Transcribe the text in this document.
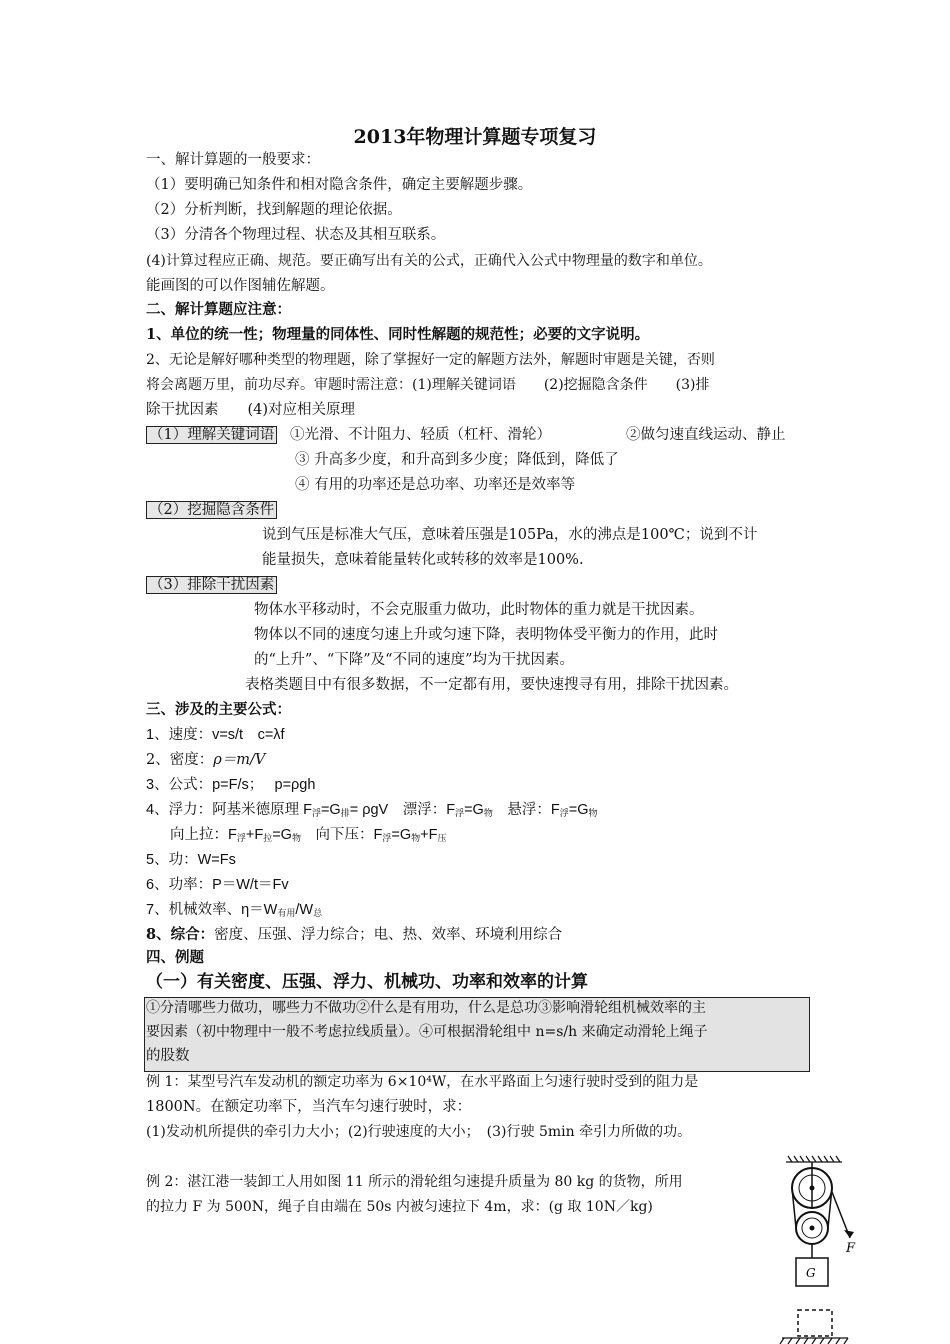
2013年物理计算题专项复习
一、解计算题的一般要求：
（1）要明确已知条件和相对隐含条件，确定主要解题步骤。
（2）分析判断，找到解题的理论依据。
（3）分清各个物理过程、状态及其相互联系。
(4)计算过程应正确、规范。要正确写出有关的公式，正确代入公式中物理量的数字和单位。
能画图的可以作图辅佐解题。
二、解计算题应注意：
1、单位的统一性；物理量的同体性、同时性解题的规范性；必要的文字说明。
2、无论是解好哪种类型的物理题，除了掌握好一定的解题方法外，解题时审题是关键，否则
将会离题万里，前功尽弃。审题时需注意：(1)理解关键词语　　(2)挖掘隐含条件　　(3)排
除干扰因素　　(4)对应相关原理
（1）理解关键词语 ①光滑、不计阻力、轻质（杠杆、滑轮）	②做匀速直线运动、静止
③ 升高多少度，和升高到多少度；降低到，降低了
④ 有用的功率还是总功率、功率还是效率等
（2）挖掘隐含条件
说到气压是标准大气压，意味着压强是105Pa，水的沸点是100℃；说到不计
能量损失，意味着能量转化或转移的效率是100%.
（3）排除干扰因素
物体水平移动时，不会克服重力做功，此时物体的重力就是干扰因素。
物体以不同的速度匀速上升或匀速下降，表明物体受平衡力的作用，此时
的“上升”、“下降”及“不同的速度”均为干扰因素。
表格类题目中有很多数据，不一定都有用，要快速搜寻有用，排除干扰因素。
三、涉及的主要公式：
1、速度：v=s/t　c=λf
2、密度：ρ＝m/V
3、公式：p=F/s；　 p=ρgh
4、浮力：阿基米德原理 $F_浮=G_排= \rho gV$　漂浮：$F_浮=G_物$　悬浮：$F_浮=G_物$
向上拉：$F_浮+F_拉=G_物$　向下压：$F_浮=G_物+F_压$
5、功：W=Fs
6、功率：P＝W/t＝Fv
7、机械效率、$\eta=W_{有用}/W_总$
8、综合：密度、压强、浮力综合；电、热、效率、环境利用综合
四、例题
（一）有关密度、压强、浮力、机械功、功率和效率的计算
①分清哪些力做功，哪些力不做功②什么是有用功，什么是总功③影响滑轮组机械效率的主
要因素（初中物理中一般不考虑拉线质量）。④可根据滑轮组中 n=s/h 来确定动滑轮上绳子
的股数
例 1：某型号汽车发动机的额定功率为 6×10⁴W，在水平路面上匀速行驶时受到的阻力是
1800N。在额定功率下，当汽车匀速行驶时，求：
(1)发动机所提供的牵引力大小；(2)行驶速度的大小；　(3)行驶 5min 牵引力所做的功。
例 2：湛江港一装卸工人用如图 11 所示的滑轮组匀速提升质量为 80 kg 的货物，所用
的拉力 F 为 500N，绳子自由端在 50s 内被匀速拉下 4m，求：(g 取 10N／kg)
F
G
